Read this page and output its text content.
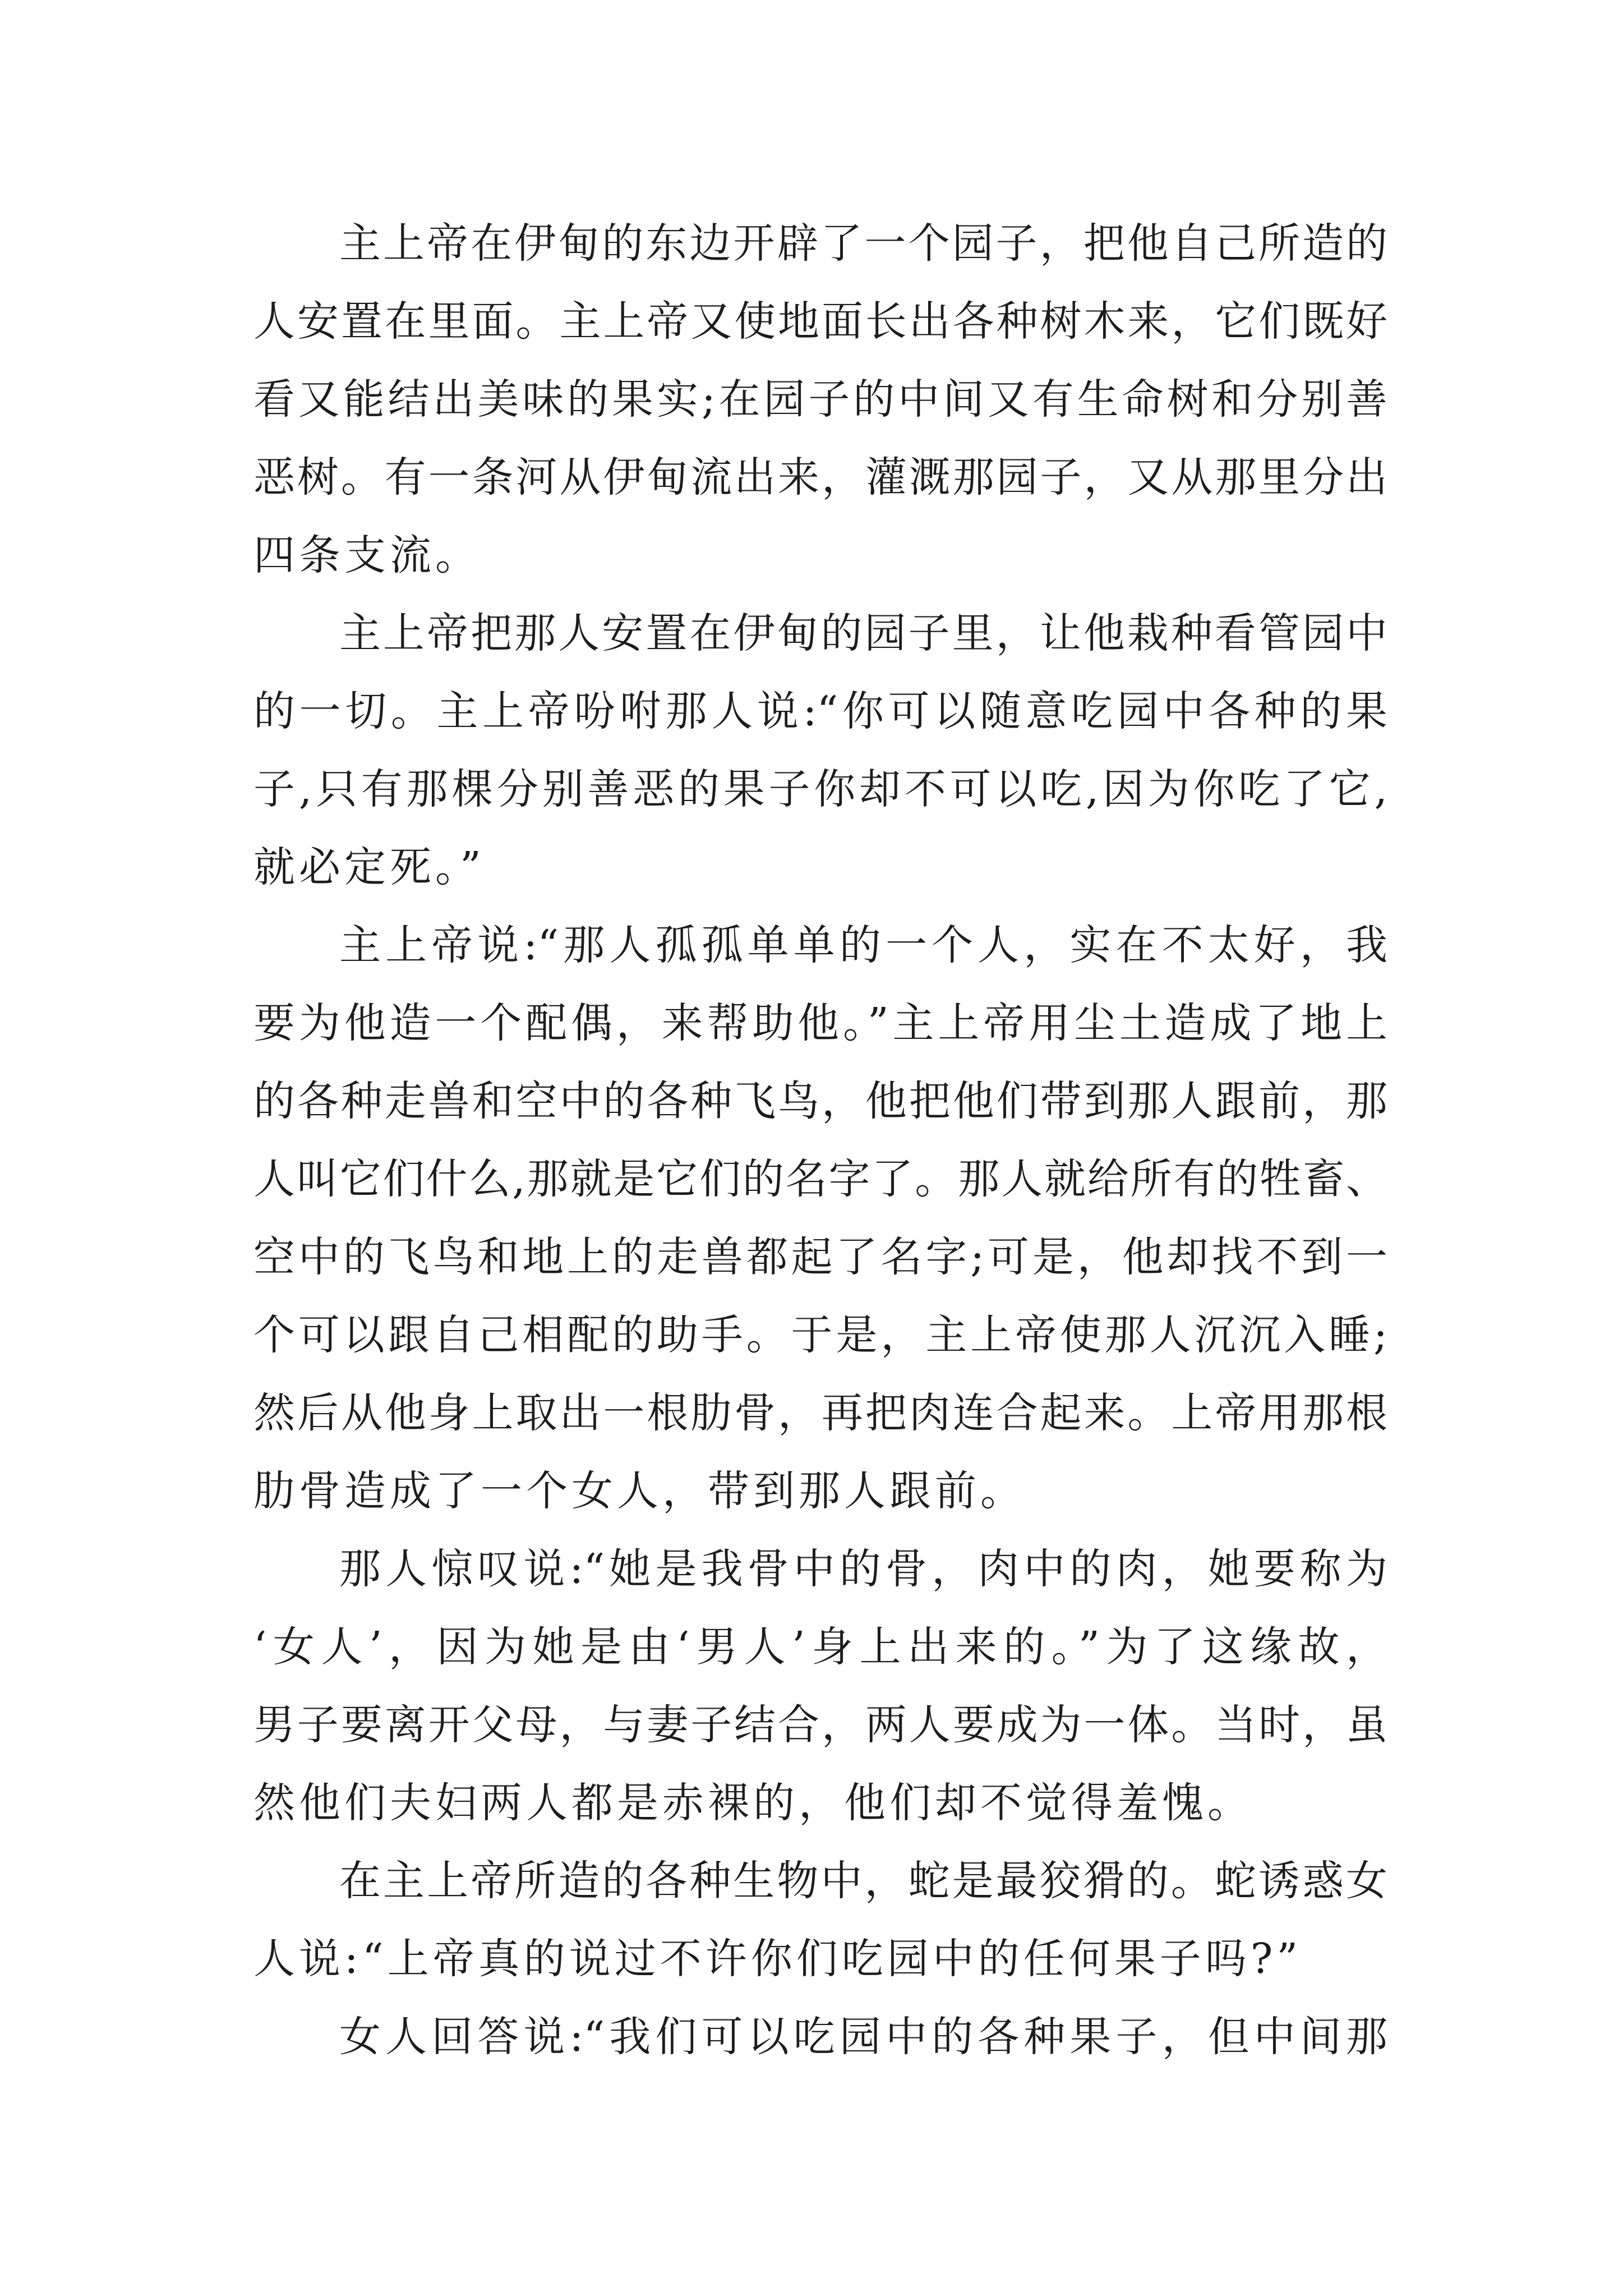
主上帝在伊甸的东边开辟了一个园子，把他自己所造的
人安置在里面。主上帝又使地面长出各种树木来，它们既好
看又能结出美味的果实;在园子的中间又有生命树和分别善
恶树。有一条河从伊甸流出来，灌溉那园子，又从那里分出
四条支流。
主上帝把那人安置在伊甸的园子里，让他栽种看管园中
的一切。主上帝吩咐那人说:“你可以随意吃园中各种的果
子,只有那棵分别善恶的果子你却不可以吃,因为你吃了它,
就必定死。”
主上帝说:“那人孤孤单单的一个人，实在不太好，我
要为他造一个配偶，来帮助他。”主上帝用尘土造成了地上
的各种走兽和空中的各种飞鸟，他把他们带到那人跟前，那
人叫它们什么,那就是它们的名字了。那人就给所有的牲畜、
空中的飞鸟和地上的走兽都起了名字;可是，他却找不到一
个可以跟自己相配的助手。于是，主上帝使那人沉沉入睡;
然后从他身上取出一根肋骨，再把肉连合起来。上帝用那根
肋骨造成了一个女人，带到那人跟前。
那人惊叹说:“她是我骨中的骨，肉中的肉，她要称为
‘女人’，因为她是由‘男人’身上出来的。”为了这缘故，
男子要离开父母，与妻子结合，两人要成为一体。当时，虽
然他们夫妇两人都是赤裸的，他们却不觉得羞愧。
在主上帝所造的各种生物中，蛇是最狡猾的。蛇诱惑女
人说:“上帝真的说过不许你们吃园中的任何果子吗?”
女人回答说:“我们可以吃园中的各种果子，但中间那
